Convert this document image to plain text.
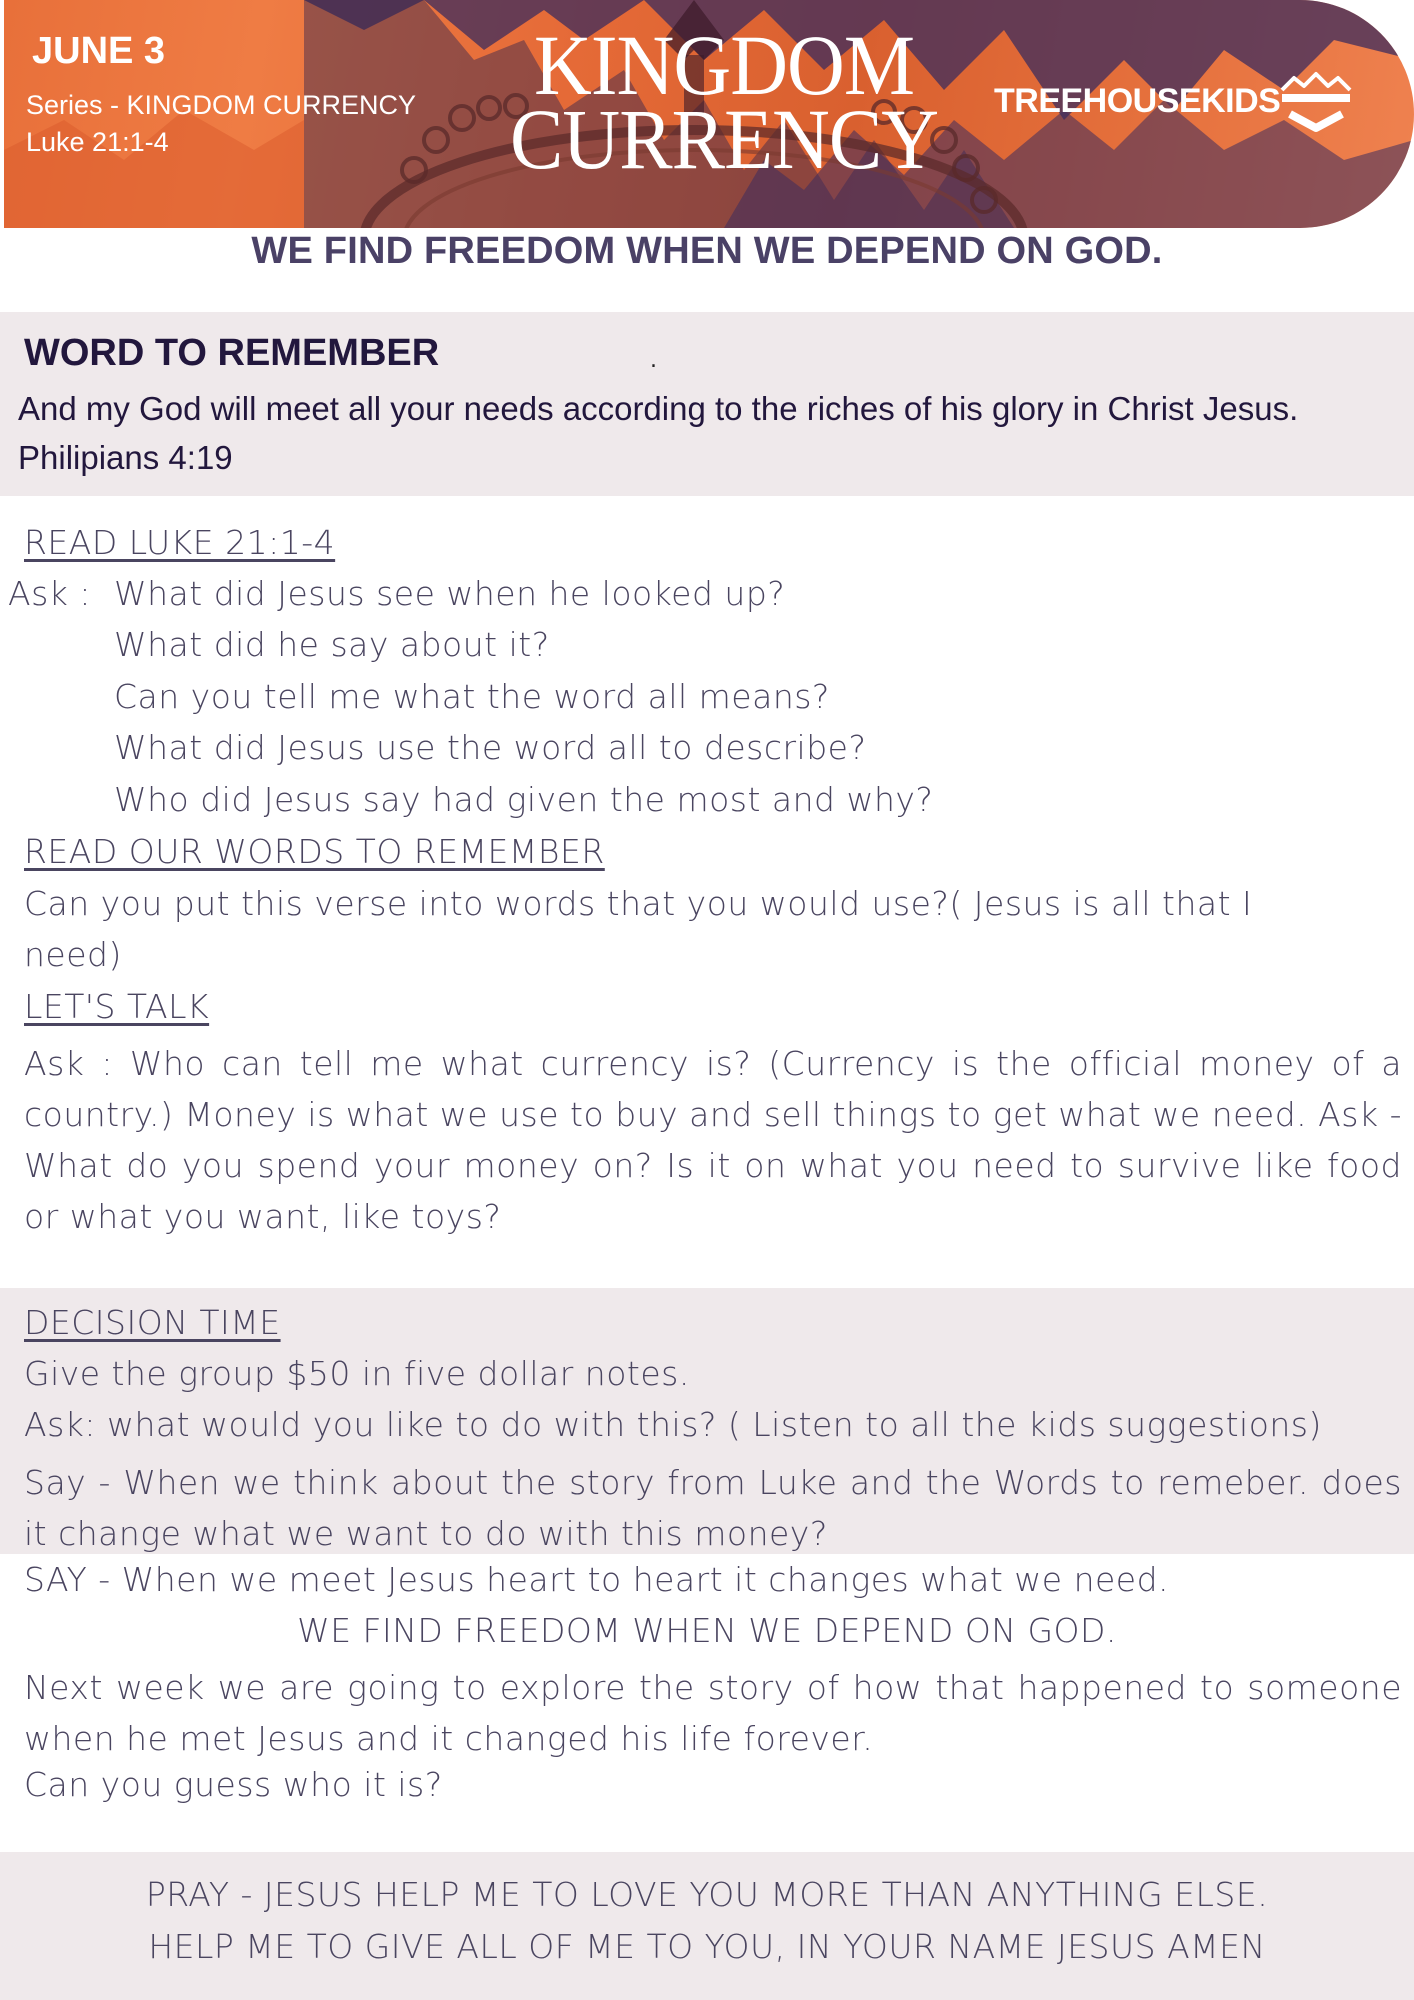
JUNE 3
Series - KINGDOM CURRENCY
Luke 21:1-4
KINGDOM
CURRENCY TREEHOUSEKIDS
WE FIND FREEDOM WHEN WE DEPEND ON GOD.
WORD TO REMEMBER	.
And my God will meet all your needs according to the riches of his glory in Christ Jesus.
Philipians 4:19
READ LUKE 21:1-4
Ask : What did Jesus see when he looked up?
What did he say about it?
Can you tell me what the word all means?
What did Jesus use the word all to describe?
Who did Jesus say had given the most and why?
READ OUR WORDS TO REMEMBER
Can you put this verse into words that you would use?( Jesus is all that I
need)
LET'S TALK
Ask : Who can tell me what currency is? (Currency is the official money of a country.) Money is what we use to buy and sell things to get what we need. Ask - What do you spend your money on? Is it on what you need to survive like food or what you want, like toys?
DECISION TIME
Give the group $50 in five dollar notes.
Ask: what would you like to do with this? ( Listen to all the kids suggestions)
Say - When we think about the story from Luke and the Words to remeber. does it change what we want to do with this money?
SAY - When we meet Jesus heart to heart it changes what we need.
WE FIND FREEDOM WHEN WE DEPEND ON GOD.
Next week we are going to explore the story of how that happened to someone when he met Jesus and it changed his life forever.
Can you guess who it is?
PRAY - JESUS HELP ME TO LOVE YOU MORE THAN ANYTHING ELSE.
HELP ME TO GIVE ALL OF ME TO YOU, IN YOUR NAME JESUS AMEN
